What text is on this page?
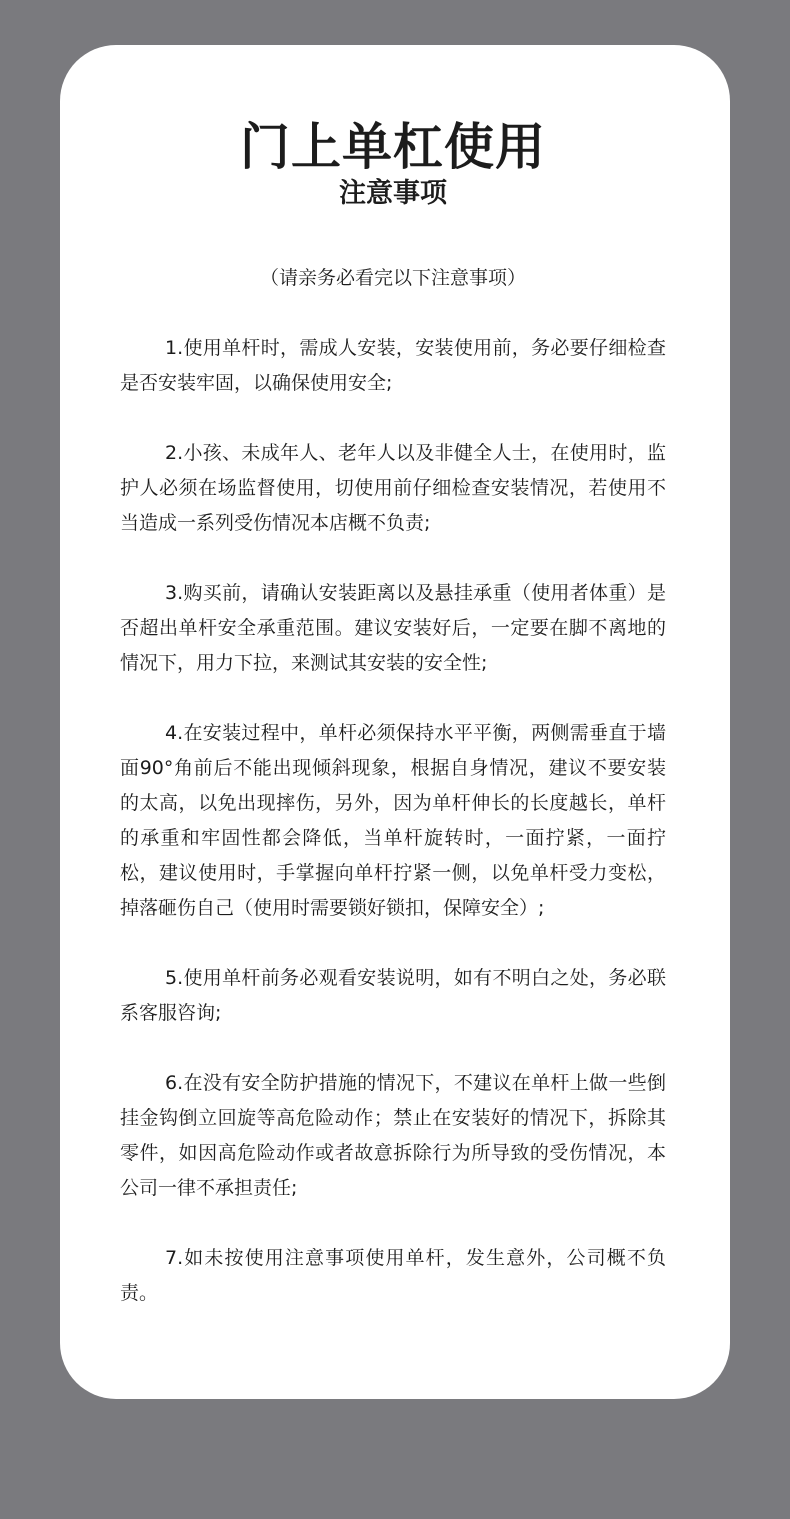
门上单杠使用
注意事项

（请亲务必看完以下注意事项）

1.使用单杆时，需成人安装，安装使用前，务必要仔细检查是否安装牢固，以确保使用安全;

2.小孩、未成年人、老年人以及非健全人士，在使用时，监护人必须在场监督使用，切使用前仔细检查安装情况，若使用不当造成一系列受伤情况本店概不负责;

3.购买前，请确认安装距离以及悬挂承重（使用者体重）是否超出单杆安全承重范围。建议安装好后，一定要在脚不离地的情况下，用力下拉，来测试其安装的安全性;

4.在安装过程中，单杆必须保持水平平衡，两侧需垂直于墙面90°角前后不能出现倾斜现象，根据自身情况，建议不要安装的太高，以免出现摔伤，另外，因为单杆伸长的长度越长，单杆的承重和牢固性都会降低，当单杆旋转时，一面拧紧，一面拧松，建议使用时，手掌握向单杆拧紧一侧，以免单杆受力变松，掉落砸伤自己（使用时需要锁好锁扣，保障安全）;

5.使用单杆前务必观看安装说明，如有不明白之处，务必联系客服咨询;

6.在没有安全防护措施的情况下，不建议在单杆上做一些倒挂金钩倒立回旋等高危险动作；禁止在安装好的情况下，拆除其零件，如因高危险动作或者故意拆除行为所导致的受伤情况，本公司一律不承担责任;

7.如未按使用注意事项使用单杆，发生意外，公司概不负责。
